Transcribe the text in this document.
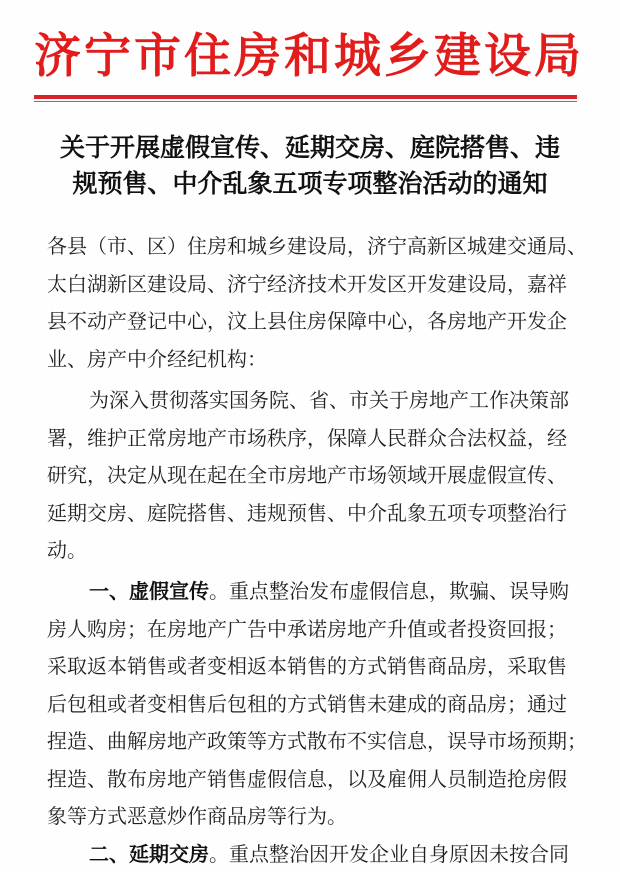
济宁市住房和城乡建设局
关于开展虚假宣传、延期交房、庭院搭售、违
规预售、中介乱象五项专项整治活动的通知
各县（市、区）住房和城乡建设局，济宁高新区城建交通局、
太白湖新区建设局、济宁经济技术开发区开发建设局，嘉祥
县不动产登记中心，汶上县住房保障中心，各房地产开发企
业、房产中介经纪机构：
为深入贯彻落实国务院、省、市关于房地产工作决策部
署，维护正常房地产市场秩序，保障人民群众合法权益，经
研究，决定从现在起在全市房地产市场领域开展虚假宣传、
延期交房、庭院搭售、违规预售、中介乱象五项专项整治行
动。
一、虚假宣传。重点整治发布虚假信息，欺骗、误导购
房人购房；在房地产广告中承诺房地产升值或者投资回报；
采取返本销售或者变相返本销售的方式销售商品房，采取售
后包租或者变相售后包租的方式销售未建成的商品房；通过
捏造、曲解房地产政策等方式散布不实信息，误导市场预期；
捏造、散布房地产销售虚假信息，以及雇佣人员制造抢房假
象等方式恶意炒作商品房等行为。
二、延期交房。重点整治因开发企业自身原因未按合同
